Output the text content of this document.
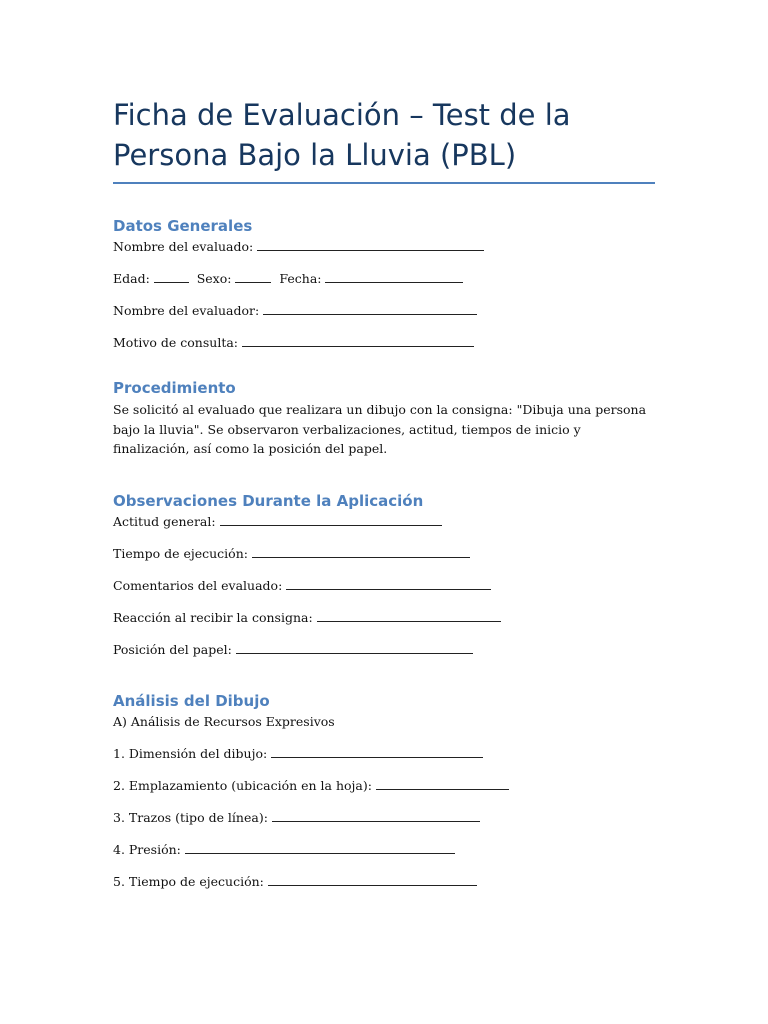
Ficha de Evaluación – Test de la Persona Bajo la Lluvia (PBL)
Datos Generales
Nombre del evaluado:
Edad:	Sexo:	Fecha:
Nombre del evaluador:
Motivo de consulta:
Procedimiento

Se solicitó al evaluado que realizara un dibujo con la consigna: "Dibuja una persona bajo la lluvia". Se observaron verbalizaciones, actitud, tiempos de inicio y finalización, así como la posición del papel.

Observaciones Durante la Aplicación
Actitud general:
Tiempo de ejecución:
Comentarios del evaluado:
Reacción al recibir la consigna:
Posición del papel:
Análisis del Dibujo
A) Análisis de Recursos Expresivos
1. Dimensión del dibujo:
2. Emplazamiento (ubicación en la hoja):
3. Trazos (tipo de línea):
4. Presión:
5. Tiempo de ejecución:
